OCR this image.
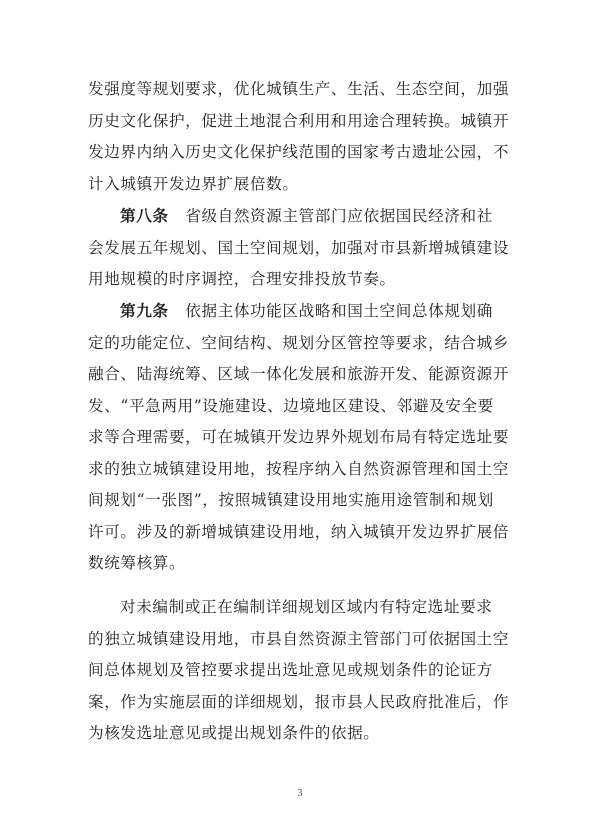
发强度等规划要求，优化城镇生产、生活、生态空间，加强
历史文化保护，促进土地混合利用和用途合理转换。城镇开
发边界内纳入历史文化保护线范围的国家考古遗址公园，不
计入城镇开发边界扩展倍数。

第八条 省级自然资源主管部门应依据国民经济和社
会发展五年规划、国土空间规划，加强对市县新增城镇建设
用地规模的时序调控，合理安排投放节奏。

第九条 依据主体功能区战略和国土空间总体规划确
定的功能定位、空间结构、规划分区管控等要求，结合城乡
融合、陆海统筹、区域一体化发展和旅游开发、能源资源开
发、“平急两用”设施建设、边境地区建设、邻避及安全要
求等合理需要，可在城镇开发边界外规划布局有特定选址要
求的独立城镇建设用地，按程序纳入自然资源管理和国土空
间规划“一张图”，按照城镇建设用地实施用途管制和规划
许可。涉及的新增城镇建设用地，纳入城镇开发边界扩展倍
数统筹核算。

对未编制或正在编制详细规划区域内有特定选址要求
的独立城镇建设用地，市县自然资源主管部门可依据国土空
间总体规划及管控要求提出选址意见或规划条件的论证方
案，作为实施层面的详细规划，报市县人民政府批准后，作
为核发选址意见或提出规划条件的依据。

3
